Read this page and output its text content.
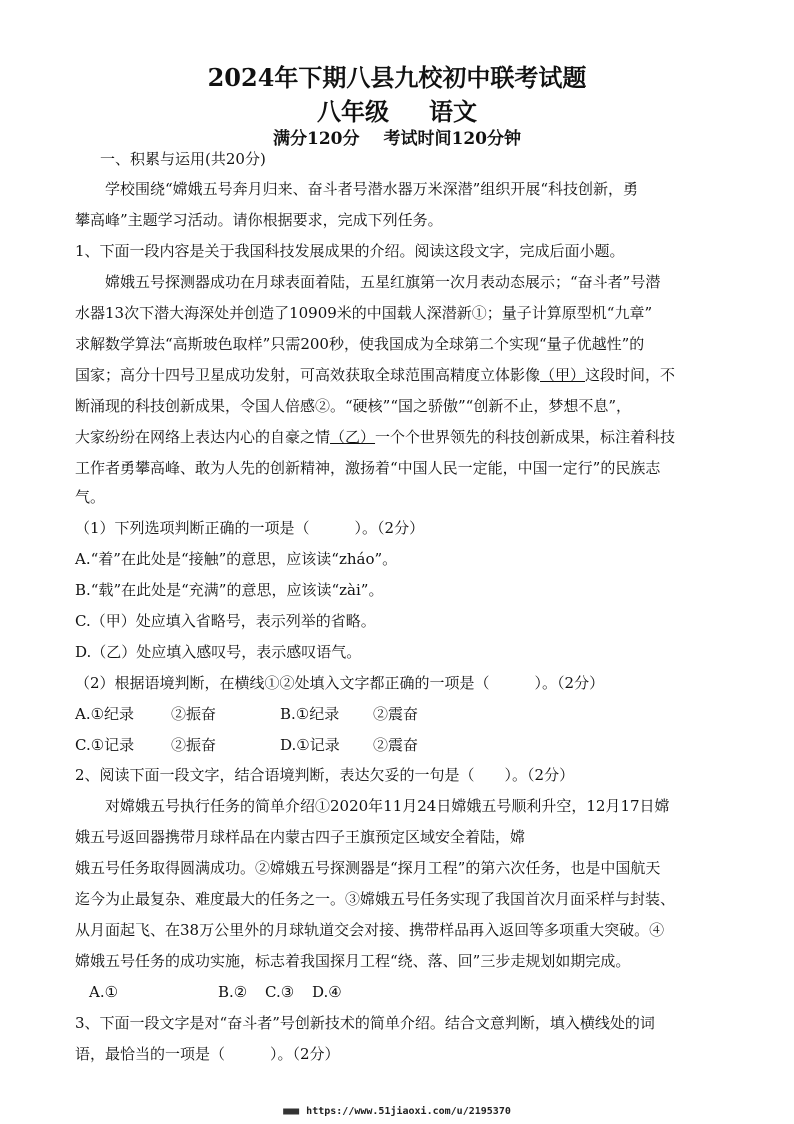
2024年下期八县九校初中联考试题
八年级 语文
满分120分 考试时间120分钟
一、积累与运用(共20分)
学校围绕“嫦娥五号奔月归来、奋斗者号潜水器万米深潜”组织开展“科技创新，勇
攀高峰”主题学习活动。请你根据要求，完成下列任务。
1、下面一段内容是关于我国科技发展成果的介绍。阅读这段文字，完成后面小题。
嫦娥五号探测器成功在月球表面着陆，五星红旗第一次月表动态展示；“奋斗者”号潜
水器13次下潜大海深处并创造了10909米的中国载人深潜新①；量子计算原型机“九章”
求解数学算法“高斯玻色取样”只需200秒，使我国成为全球第二个实现“量子优越性”的
国家；高分十四号卫星成功发射，可高效获取全球范围高精度立体影像（甲）这段时间，不
断涌现的科技创新成果，令国人倍感②。“硬核”“国之骄傲”“创新不止，梦想不息”，
大家纷纷在网络上表达内心的自豪之情（乙）一个个世界领先的科技创新成果，标注着科技
工作者勇攀高峰、敢为人先的创新精神，激扬着“中国人民一定能，中国一定行”的民族志
气。
（1）下列选项判断正确的一项是（　　　）。（2分）
A.“着”在此处是“接触”的意思，应该读“zháo”。
B.“载”在此处是“充满”的意思，应该读“zài”。
C.（甲）处应填入省略号，表示列举的省略。
D.（乙）处应填入感叹号，表示感叹语气。
（2）根据语境判断，在横线①②处填入文字都正确的一项是（　　　）。（2分）
A.①纪录 ②振奋	B.①纪录 ②震奋
C.①记录 ②振奋	D.①记录 ②震奋
2、阅读下面一段文字，结合语境判断，表达欠妥的一句是（　　）。（2分）
对嫦娥五号执行任务的简单介绍①2020年11月24日嫦娥五号顺利升空，12月17日嫦
娥五号返回器携带月球样品在内蒙古四子王旗预定区域安全着陆，嫦
娥五号任务取得圆满成功。②嫦娥五号探测器是“探月工程”的第六次任务，也是中国航天
迄今为止最复杂、难度最大的任务之一。③嫦娥五号任务实现了我国首次月面采样与封装、
从月面起飞、在38万公里外的月球轨道交会对接、携带样品再入返回等多项重大突破。④
嫦娥五号任务的成功实施，标志着我国探月工程“绕、落、回”三步走规划如期完成。
A.①	B.② C.③ D.④
3、下面一段文字是对“奋斗者”号创新技术的简单介绍。结合文意判断，填入横线处的词
语，最恰当的一项是（　　　）。（2分）
■■■ https://www.51jiaoxi.com/u/2195370
